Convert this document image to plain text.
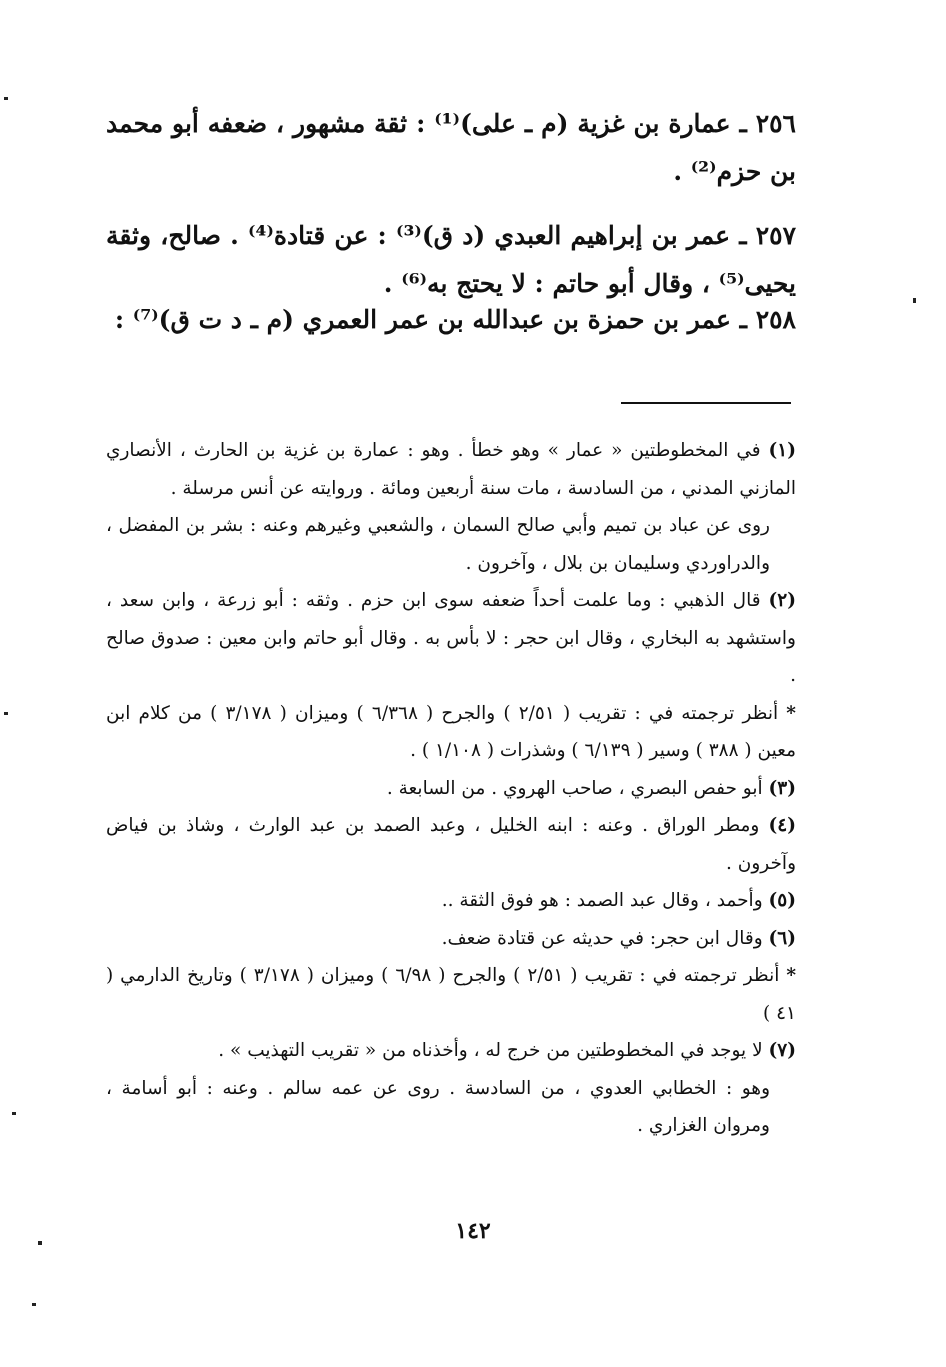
٢٥٦ ـ عمارة بن غزية (م ـ على)⁽¹⁾ : ثقة مشهور ، ضعفه أبو محمد بن حزم⁽²⁾ .

٢٥٧ ـ عمر بن إبراهيم العبدي (د ق)⁽³⁾ : عن قتادة⁽⁴⁾ . صالح، وثقة يحيى⁽⁵⁾ ، وقال أبو حاتم : لا يحتج به⁽⁶⁾ .

٢٥٨ ـ عمر بن حمزة بن عبدالله بن عمر العمري (م ـ د ت ق)⁽⁷⁾ :

(١) في المخطوطتين « عمار » وهو خطأ . وهو : عمارة بن غزية بن الحارث ، الأنصاري المازني المدني ، من السادسة ، مات سنة أربعين ومائة . وروايته عن أنس مرسلة .

روى عن عباد بن تميم وأبي صالح السمان ، والشعبي وغيرهم وعنه : بشر بن المفضل ، والدراوردي وسليمان بن بلال ، وآخرون .

(٢) قال الذهبي : وما علمت أحداً ضعفه سوى ابن حزم . وثقه : أبو زرعة ، وابن سعد ، واستشهد به البخاري ، وقال ابن حجر : لا بأس به . وقال أبو حاتم وابن معين : صدوق صالح .

* أنظر ترجمته في : تقريب ( ٢/٥١ ) والجرح ( ٦/٣٦٨ ) وميزان ( ٣/١٧٨ ) من كلام ابن معين ( ٣٨٨ ) وسير ( ٦/١٣٩ ) وشذرات ( ١/١٠٨ ) .

(٣) أبو حفص البصري ، صاحب الهروي . من السابعة .

(٤) ومطر الوراق . وعنه : ابنه الخليل ، وعبد الصمد بن عبد الوارث ، وشاذ بن فياض وآخرون .

(٥) وأحمد ، وقال عبد الصمد : هو فوق الثقة ..

(٦) وقال ابن حجر: في حديثه عن قتادة ضعف.

* أنظر ترجمته في : تقريب ( ٢/٥١ ) والجرح ( ٦/٩٨ ) وميزان ( ٣/١٧٨ ) وتاريخ الدارمي ( ٤١ )

(٧) لا يوجد في المخطوطتين من خرج له ، وأخذناه من « تقريب التهذيب » .

وهو : الخطابي العدوي ، من السادسة . روى عن عمه سالم . وعنه : أبو أسامة ، ومروان الغزاري .

١٤٢
